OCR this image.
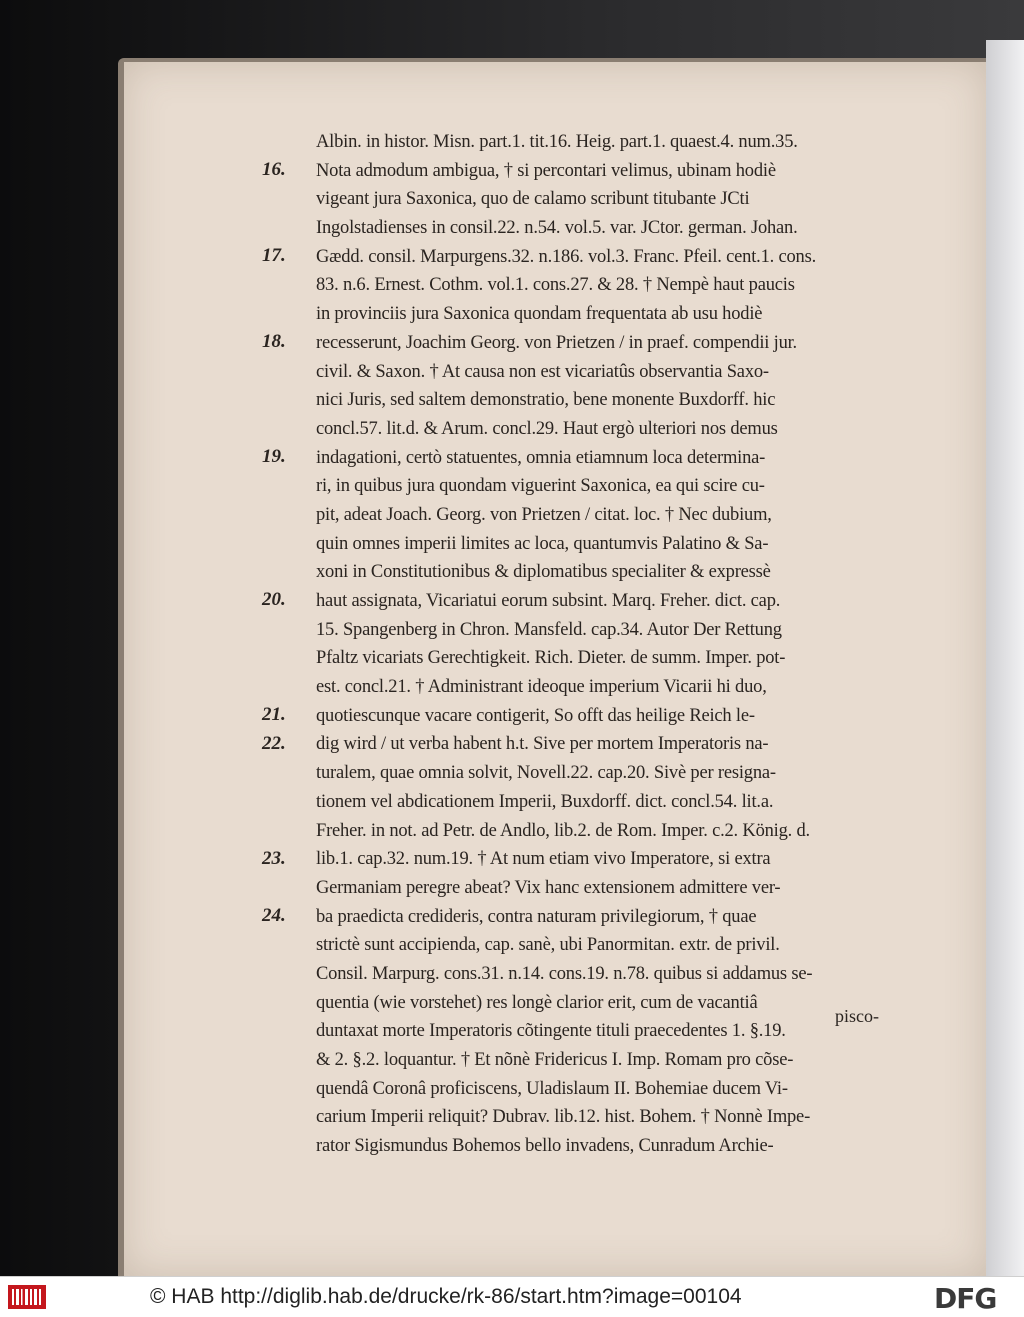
16.
17.
18.
19.
20.
21.
22.
23.
24.
Albin. in histor. Misn. part.1. tit.16. Heig. part.1. quaest.4. num.35.
Nota admodum ambigua, † si percontari velimus, ubinam hodiè
vigeant jura Saxonica, quo de calamo scribunt titubante JCti
Ingolstadienses in consil.22. n.54. vol.5. var. JCtor. german. Johan.
Gædd. consil. Marpurgens.32. n.186. vol.3. Franc. Pfeil. cent.1. cons.
83. n.6. Ernest. Cothm. vol.1. cons.27. & 28. † Nempè haut paucis
in provinciis jura Saxonica quondam frequentata ab usu hodiè
recesserunt, Joachim Georg. von Prietzen / in praef. compendii jur.
civil. & Saxon. † At causa non est vicariatûs observantia Saxo-
nici Juris, sed saltem demonstratio, bene monente Buxdorff. hic
concl.57. lit.d. & Arum. concl.29. Haut ergò ulteriori nos demus
indagationi, certò statuentes, omnia etiamnum loca determina-
ri, in quibus jura quondam viguerint Saxonica, ea qui scire cu-
pit, adeat Joach. Georg. von Prietzen / citat. loc. † Nec dubium,
quin omnes imperii limites ac loca, quantumvis Palatino & Sa-
xoni in Constitutionibus & diplomatibus specialiter & expressè
haut assignata, Vicariatui eorum subsint. Marq. Freher. dict. cap.
15. Spangenberg in Chron. Mansfeld. cap.34. Autor Der Rettung
Pfaltz vicariats Gerechtigkeit. Rich. Dieter. de summ. Imper. pot-
est. concl.21. † Administrant ideoque imperium Vicarii hi duo,
quotiescunque vacare contigerit, So offt das heilige Reich le-
dig wird / ut verba habent h.t. Sive per mortem Imperatoris na-
turalem, quae omnia solvit, Novell.22. cap.20. Sivè per resigna-
tionem vel abdicationem Imperii, Buxdorff. dict. concl.54. lit.a.
Freher. in not. ad Petr. de Andlo, lib.2. de Rom. Imper. c.2. König. d.
lib.1. cap.32. num.19. † At num etiam vivo Imperatore, si extra
Germaniam peregre abeat? Vix hanc extensionem admittere ver-
ba praedicta credideris, contra naturam privilegiorum, † quae
strictè sunt accipienda, cap. sanè, ubi Panormitan. extr. de privil.
Consil. Marpurg. cons.31. n.14. cons.19. n.78. quibus si addamus se-
quentia (wie vorstehet) res longè clarior erit, cum de vacantiâ
duntaxat morte Imperatoris cõtingente tituli praecedentes 1. §.19.
& 2. §.2. loquantur. † Et nõnè Fridericus I. Imp. Romam pro cõse-
quendâ Coronâ proficiscens, Uladislaum II. Bohemiae ducem Vi-
carium Imperii reliquit? Dubrav. lib.12. hist. Bohem. † Nonnè Impe-
rator Sigismundus Bohemos bello invadens, Cunradum Archie-
pisco-
© HAB http://diglib.hab.de/drucke/rk-86/start.htm?image=00104	DFG
